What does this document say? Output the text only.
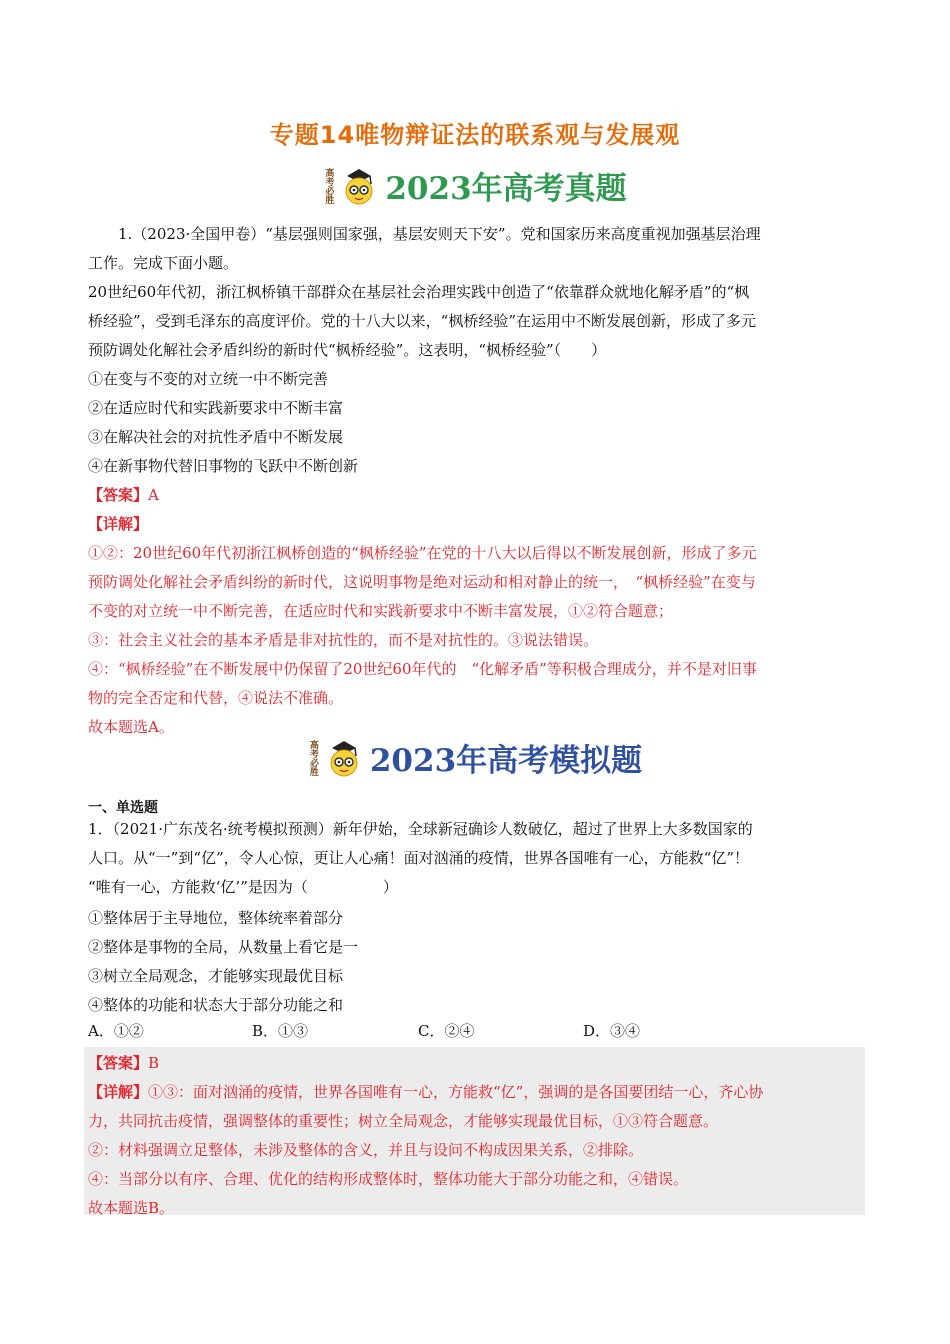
专题14唯物辩证法的联系观与发展观
高考必胜 2023年高考真题
1.（2023·全国甲卷）“基层强则国家强，基层安则天下安”。党和国家历来高度重视加强基层治理
工作。完成下面小题。
20世纪60年代初，浙江枫桥镇干部群众在基层社会治理实践中创造了“依靠群众就地化解矛盾”的“枫
桥经验”，受到毛泽东的高度评价。党的十八大以来，“枫桥经验”在运用中不断发展创新，形成了多元
预防调处化解社会矛盾纠纷的新时代“枫桥经验”。这表明，“枫桥经验”（　　）
①在变与不变的对立统一中不断完善
②在适应时代和实践新要求中不断丰富
③在解决社会的对抗性矛盾中不断发展
④在新事物代替旧事物的飞跃中不断创新
【答案】A
【详解】
①②：20世纪60年代初浙江枫桥创造的“枫桥经验”在党的十八大以后得以不断发展创新，形成了多元
预防调处化解社会矛盾纠纷的新时代，这说明事物是绝对运动和相对静止的统一，　“枫桥经验”在变与
不变的对立统一中不断完善，在适应时代和实践新要求中不断丰富发展，①②符合题意；
③：社会主义社会的基本矛盾是非对抗性的，而不是对抗性的。③说法错误。
④：“枫桥经验”在不断发展中仍保留了20世纪60年代的　“化解矛盾”等积极合理成分，并不是对旧事
物的完全否定和代替，④说法不准确。
故本题选A。
高考必胜 2023年高考模拟题
一、单选题
1．（2021·广东茂名·统考模拟预测）新年伊始，全球新冠确诊人数破亿，超过了世界上大多数国家的
人口。从“一”到“亿”，令人心惊，更让人心痛！面对汹涌的疫情，世界各国唯有一心，方能救“亿”！
“唯有一心，方能救‘亿’”是因为（　　　　　）
①整体居于主导地位，整体统率着部分
②整体是事物的全局，从数量上看它是一
③树立全局观念，才能够实现最优目标
④整体的功能和状态大于部分功能之和
A．①②	B．①③	C．②④	D．③④
【答案】B
【详解】①③：面对汹涌的疫情，世界各国唯有一心，方能救“亿”，强调的是各国要团结一心，齐心协
力，共同抗击疫情，强调整体的重要性；树立全局观念，才能够实现最优目标，①③符合题意。
②：材料强调立足整体，未涉及整体的含义，并且与设问不构成因果关系，②排除。
④：当部分以有序、合理、优化的结构形成整体时，整体功能大于部分功能之和，④错误。
故本题选B。
